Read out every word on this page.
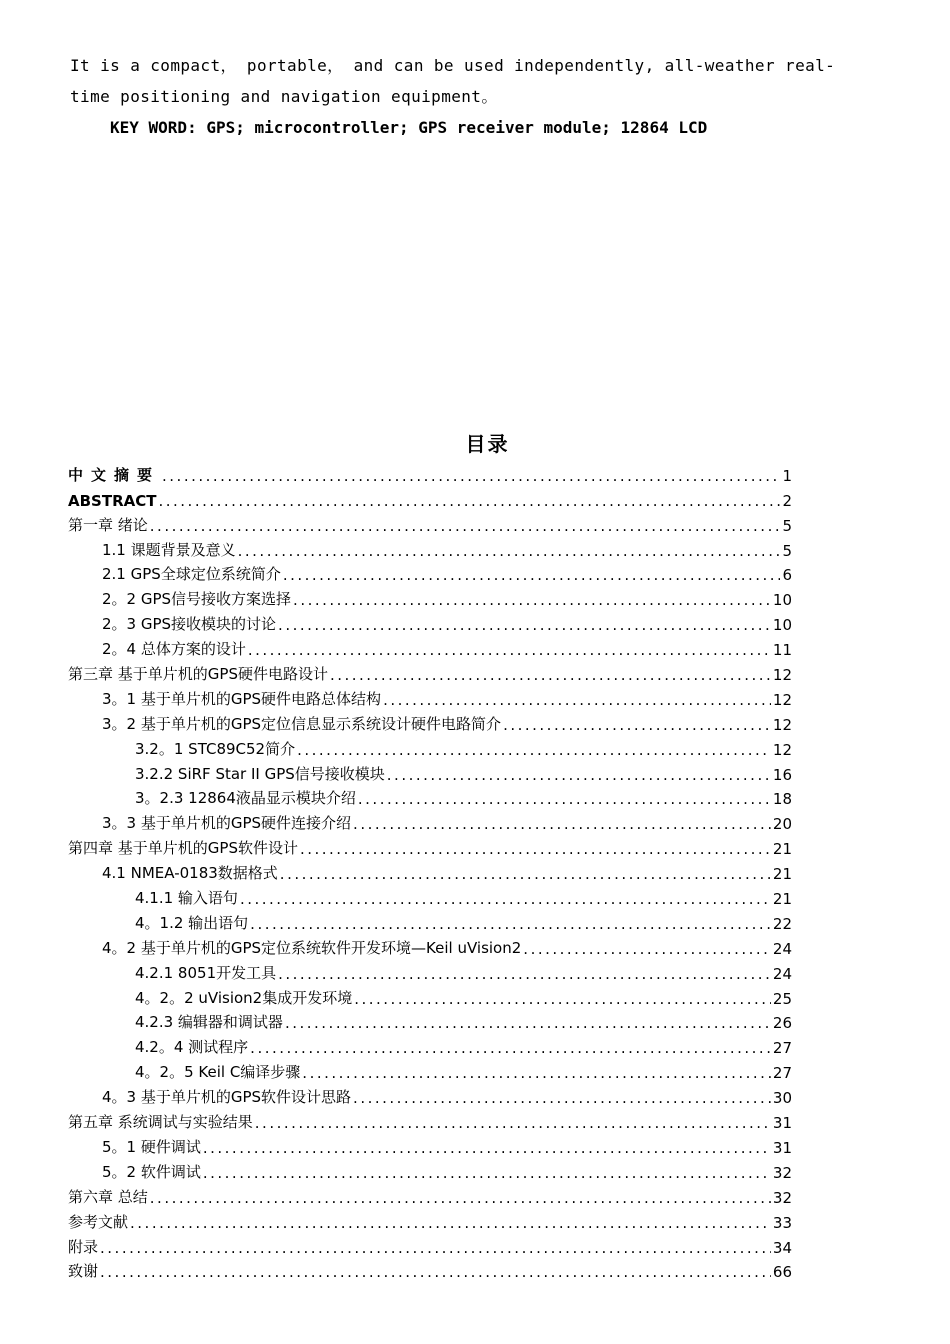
It is a compact， portable， and can be used independently, all-weather real-

time positioning and navigation equipment。

KEY WORD: GPS; microcontroller; GPS receiver module; 12864 LCD
目录
中文摘要 .....	1
ABSTRACT .....	2
第一章 绪论 .....	5
1.1 课题背景及意义 .....	5
2.1 GPS全球定位系统简介 .....	6
2。2 GPS信号接收方案选择 .....	10
2。3 GPS接收模块的讨论 .....	10
2。4 总体方案的设计 .....	11
第三章 基于单片机的GPS硬件电路设计 .....	12
3。1 基于单片机的GPS硬件电路总体结构 .....	12
3。2 基于单片机的GPS定位信息显示系统设计硬件电路简介 .....	12
3.2。1 STC89C52简介 .....	12
3.2.2 SiRF Star II GPS信号接收模块 .....	16
3。2.3 12864液晶显示模块介绍 .....	18
3。3 基于单片机的GPS硬件连接介绍 .....	20
第四章 基于单片机的GPS软件设计 .....	21
4.1 NMEA-0183数据格式 .....	21
4.1.1 输入语句 .....	21
4。1.2 输出语句 .....	22
4。2 基于单片机的GPS定位系统软件开发环境—Keil uVision2 .....	24
4.2.1 8051开发工具 .....	24
4。2。2 uVision2集成开发环境 .....	25
4.2.3 编辑器和调试器 .....	26
4.2。4 测试程序 .....	27
4。2。5 Keil C编译步骤 .....	27
4。3 基于单片机的GPS软件设计思路 .....	30
第五章 系统调试与实验结果 .....	31
5。1 硬件调试 .....	31
5。2 软件调试 .....	32
第六章 总结 .....	32
参考文献 .....	33
附录 .....	34
致谢 .....	66
